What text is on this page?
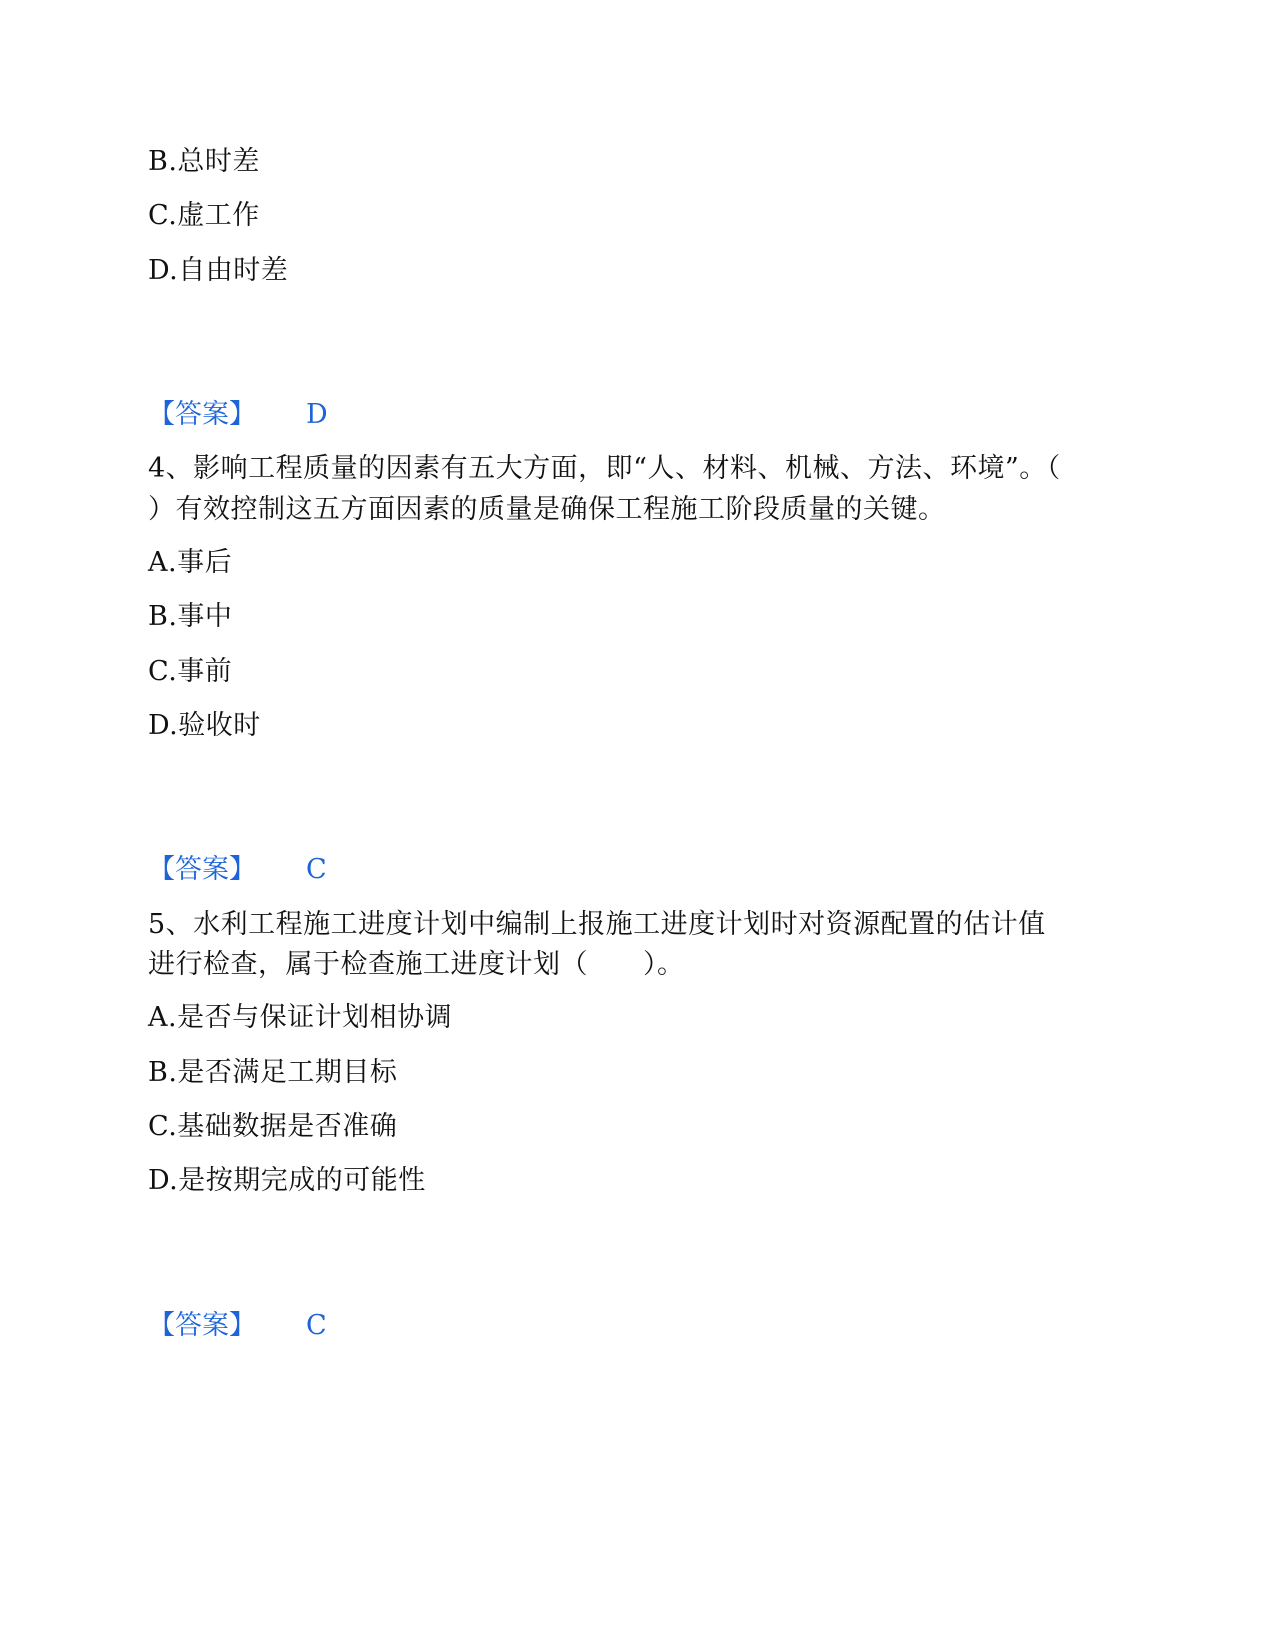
B.总时差
C.虚工作
D.自由时差
【答案】 D
4、影响工程质量的因素有五大方面，即“人、材料、机械、方法、环境”。（
）有效控制这五方面因素的质量是确保工程施工阶段质量的关键。
A.事后
B.事中
C.事前
D.验收时
【答案】 C
5、水利工程施工进度计划中编制上报施工进度计划时对资源配置的估计值
进行检查，属于检查施工进度计划（　　）。
A.是否与保证计划相协调
B.是否满足工期目标
C.基础数据是否准确
D.是按期完成的可能性
【答案】 C
